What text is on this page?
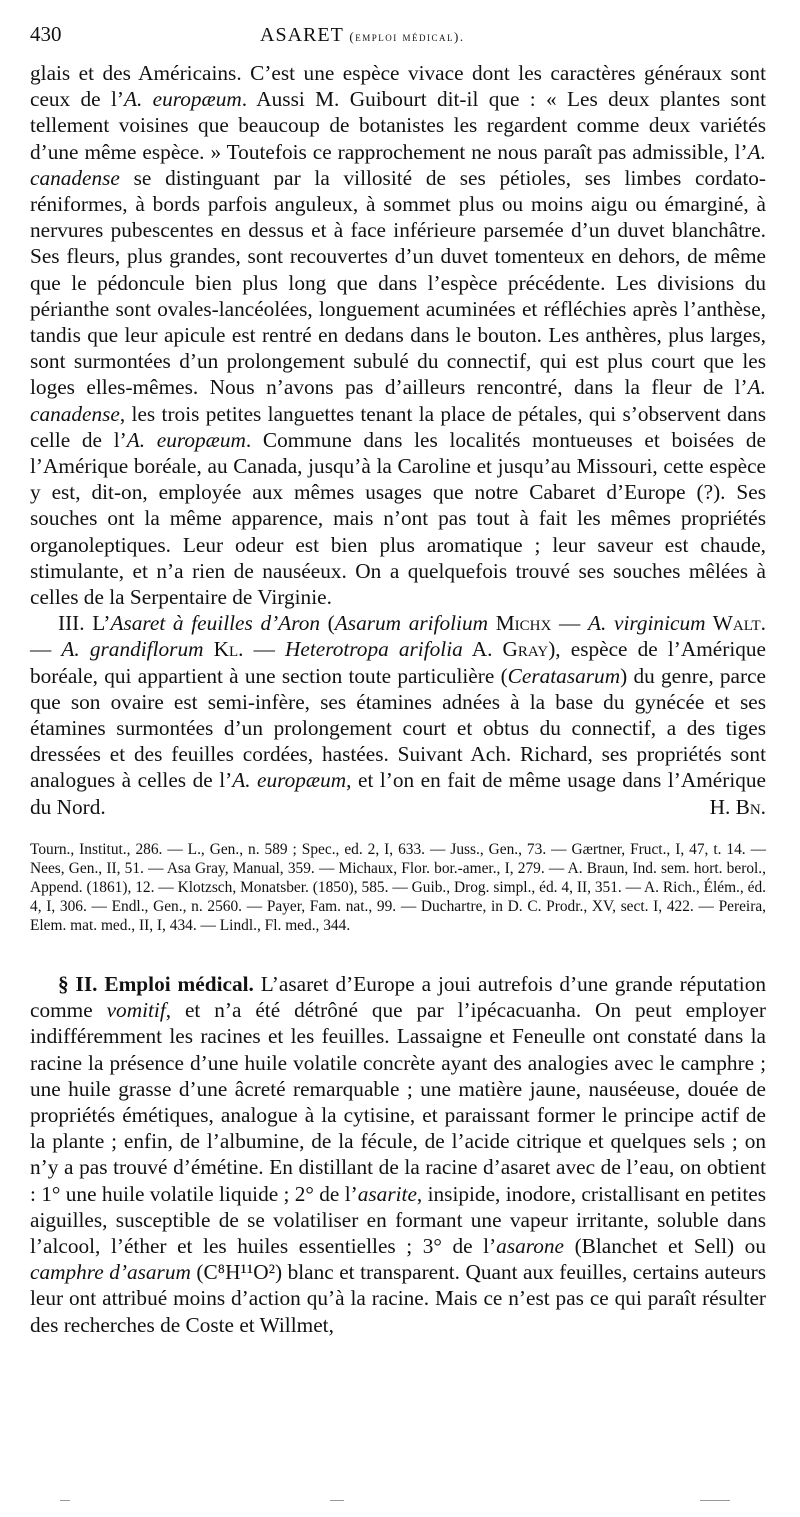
430	ASARET (emploi médical).

glais et des Américains. C’est une espèce vivace dont les caractères généraux sont ceux de l’A. europæum. Aussi M. Guibourt dit-il que : « Les deux plantes sont tellement voisines que beaucoup de botanistes les regardent comme deux variétés d’une même espèce. » Toutefois ce rapprochement ne nous paraît pas admissible, l’A. canadense se distinguant par la villosité de ses pétioles, ses limbes cordato-réniformes, à bords parfois anguleux, à sommet plus ou moins aigu ou émarginé, à nervures pubescentes en dessus et à face inférieure parsemée d’un duvet blanchâtre. Ses fleurs, plus grandes, sont recouvertes d’un duvet tomenteux en dehors, de même que le pédoncule bien plus long que dans l’espèce précédente. Les divisions du périanthe sont ovales-lancéolées, longuement acuminées et réfléchies après l’anthèse, tandis que leur apicule est rentré en dedans dans le bouton. Les anthères, plus larges, sont surmontées d’un prolongement subulé du connectif, qui est plus court que les loges elles-mêmes. Nous n’avons pas d’ailleurs rencontré, dans la fleur de l’A. canadense, les trois petites languettes tenant la place de pétales, qui s’observent dans celle de l’A. europæum. Commune dans les localités montueuses et boisées de l’Amérique boréale, au Canada, jusqu’à la Caroline et jusqu’au Missouri, cette espèce y est, dit-on, employée aux mêmes usages que notre Cabaret d’Europe (?). Ses souches ont la même apparence, mais n’ont pas tout à fait les mêmes propriétés organoleptiques. Leur odeur est bien plus aromatique ; leur saveur est chaude, stimulante, et n’a rien de nauséeux. On a quelquefois trouvé ses souches mêlées à celles de la Serpentaire de Virginie.

III. L’Asaret à feuilles d’Aron (Asarum arifolium Michx — A. virginicum Walt. — A. grandiflorum Kl. — Heterotropa arifolia A. Gray), espèce de l’Amérique boréale, qui appartient à une section toute particulière (Ceratasarum) du genre, parce que son ovaire est semi-infère, ses étamines adnées à la base du gynécée et ses étamines surmontées d’un prolongement court et obtus du connectif, a des tiges dressées et des feuilles cordées, hastées. Suivant Ach. Richard, ses propriétés sont analogues à celles de l’A. europæum, et l’on en fait de même usage dans l’Amérique du Nord.	H. Bn.

Tourn., Institut., 286. — L., Gen., n. 589 ; Spec., ed. 2, I, 633. — Juss., Gen., 73. — Gærtner, Fruct., I, 47, t. 14. — Nees, Gen., II, 51. — Asa Gray, Manual, 359. — Michaux, Flor. bor.-amer., I, 279. — A. Braun, Ind. sem. hort. berol., Append. (1861), 12. — Klotzsch, Monatsber. (1850), 585. — Guib., Drog. simpl., éd. 4, II, 351. — A. Rich., Élém., éd. 4, I, 306. — Endl., Gen., n. 2560. — Payer, Fam. nat., 99. — Duchartre, in D. C. Prodr., XV, sect. I, 422. — Pereira, Elem. mat. med., II, I, 434. — Lindl., Fl. med., 344.

§ II. Emploi médical. L’asaret d’Europe a joui autrefois d’une grande réputation comme vomitif, et n’a été détrôné que par l’ipécacuanha. On peut employer indifféremment les racines et les feuilles. Lassaigne et Feneulle ont constaté dans la racine la présence d’une huile volatile concrète ayant des analogies avec le camphre ; une huile grasse d’une âcreté remarquable ; une matière jaune, nauséeuse, douée de propriétés émétiques, analogue à la cytisine, et paraissant former le principe actif de la plante ; enfin, de l’albumine, de la fécule, de l’acide citrique et quelques sels ; on n’y a pas trouvé d’émétine. En distillant de la racine d’asaret avec de l’eau, on obtient : 1° une huile volatile liquide ; 2° de l’asarite, insipide, inodore, cristallisant en petites aiguilles, susceptible de se volatiliser en formant une vapeur irritante, soluble dans l’alcool, l’éther et les huiles essentielles ; 3° de l’asarone (Blanchet et Sell) ou camphre d’asarum (C⁸H¹¹O²) blanc et transparent. Quant aux feuilles, certains auteurs leur ont attribué moins d’action qu’à la racine. Mais ce n’est pas ce qui paraît résulter des recherches de Coste et Willmet,
